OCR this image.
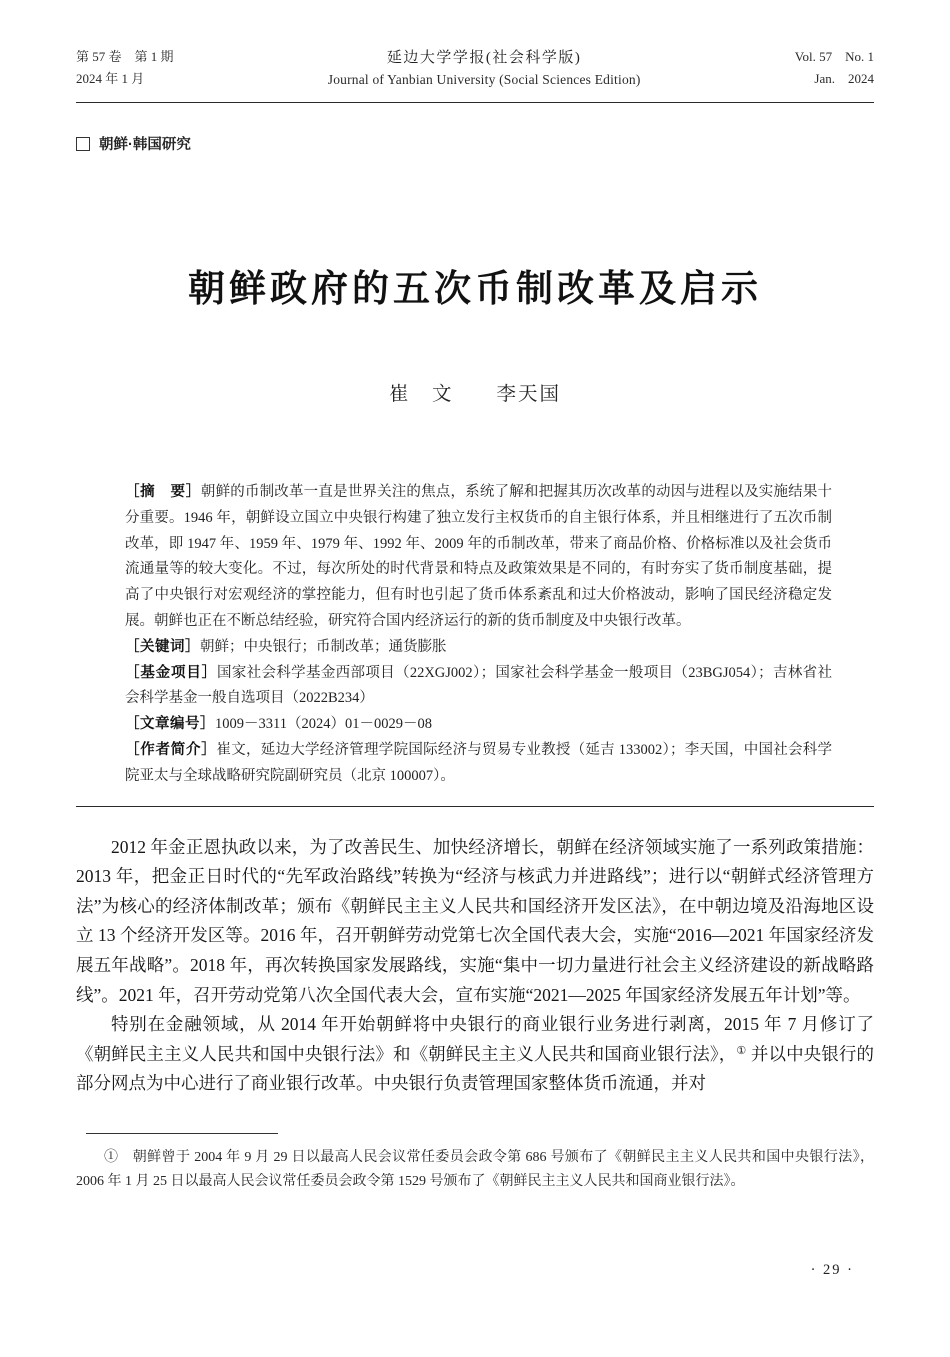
第 57 卷　第 1 期
2024 年 1 月
延边大学学报(社会科学版)
Journal of Yanbian University (Social Sciences Edition)
Vol. 57　No. 1
Jan.　2024
朝鲜·韩国研究
朝鲜政府的五次币制改革及启示
崔　文　　李天国

［摘　要］朝鲜的币制改革一直是世界关注的焦点，系统了解和把握其历次改革的动因与进程以及实施结果十分重要。1946 年，朝鲜设立国立中央银行构建了独立发行主权货币的自主银行体系，并且相继进行了五次币制改革，即 1947 年、1959 年、1979 年、1992 年、2009 年的币制改革，带来了商品价格、价格标准以及社会货币流通量等的较大变化。不过，每次所处的时代背景和特点及政策效果是不同的，有时夯实了货币制度基础，提高了中央银行对宏观经济的掌控能力，但有时也引起了货币体系紊乱和过大价格波动，影响了国民经济稳定发展。朝鲜也正在不断总结经验，研究符合国内经济运行的新的货币制度及中央银行改革。

［关键词］朝鲜；中央银行；币制改革；通货膨胀

［基金项目］国家社会科学基金西部项目（22XGJ002）；国家社会科学基金一般项目（23BGJ054）；吉林省社会科学基金一般自选项目（2022B234）

［文章编号］1009－3311（2024）01－0029－08

［作者简介］崔文，延边大学经济管理学院国际经济与贸易专业教授（延吉 133002）；李天国，中国社会科学院亚太与全球战略研究院副研究员（北京 100007）。

2012 年金正恩执政以来，为了改善民生、加快经济增长，朝鲜在经济领域实施了一系列政策措施：2013 年，把金正日时代的“先军政治路线”转换为“经济与核武力并进路线”；进行以“朝鲜式经济管理方法”为核心的经济体制改革；颁布《朝鲜民主主义人民共和国经济开发区法》，在中朝边境及沿海地区设立 13 个经济开发区等。2016 年，召开朝鲜劳动党第七次全国代表大会，实施“2016—2021 年国家经济发展五年战略”。2018 年，再次转换国家发展路线，实施“集中一切力量进行社会主义经济建设的新战略路线”。2021 年，召开劳动党第八次全国代表大会，宣布实施“2021—2025 年国家经济发展五年计划”等。

特别在金融领域，从 2014 年开始朝鲜将中央银行的商业银行业务进行剥离，2015 年 7 月修订了《朝鲜民主主义人民共和国中央银行法》和《朝鲜民主主义人民共和国商业银行法》，① 并以中央银行的部分网点为中心进行了商业银行改革。中央银行负责管理国家整体货币流通，并对

①　朝鲜曾于 2004 年 9 月 29 日以最高人民会议常任委员会政令第 686 号颁布了《朝鲜民主主义人民共和国中央银行法》，2006 年 1 月 25 日以最高人民会议常任委员会政令第 1529 号颁布了《朝鲜民主主义人民共和国商业银行法》。

· 29 ·
